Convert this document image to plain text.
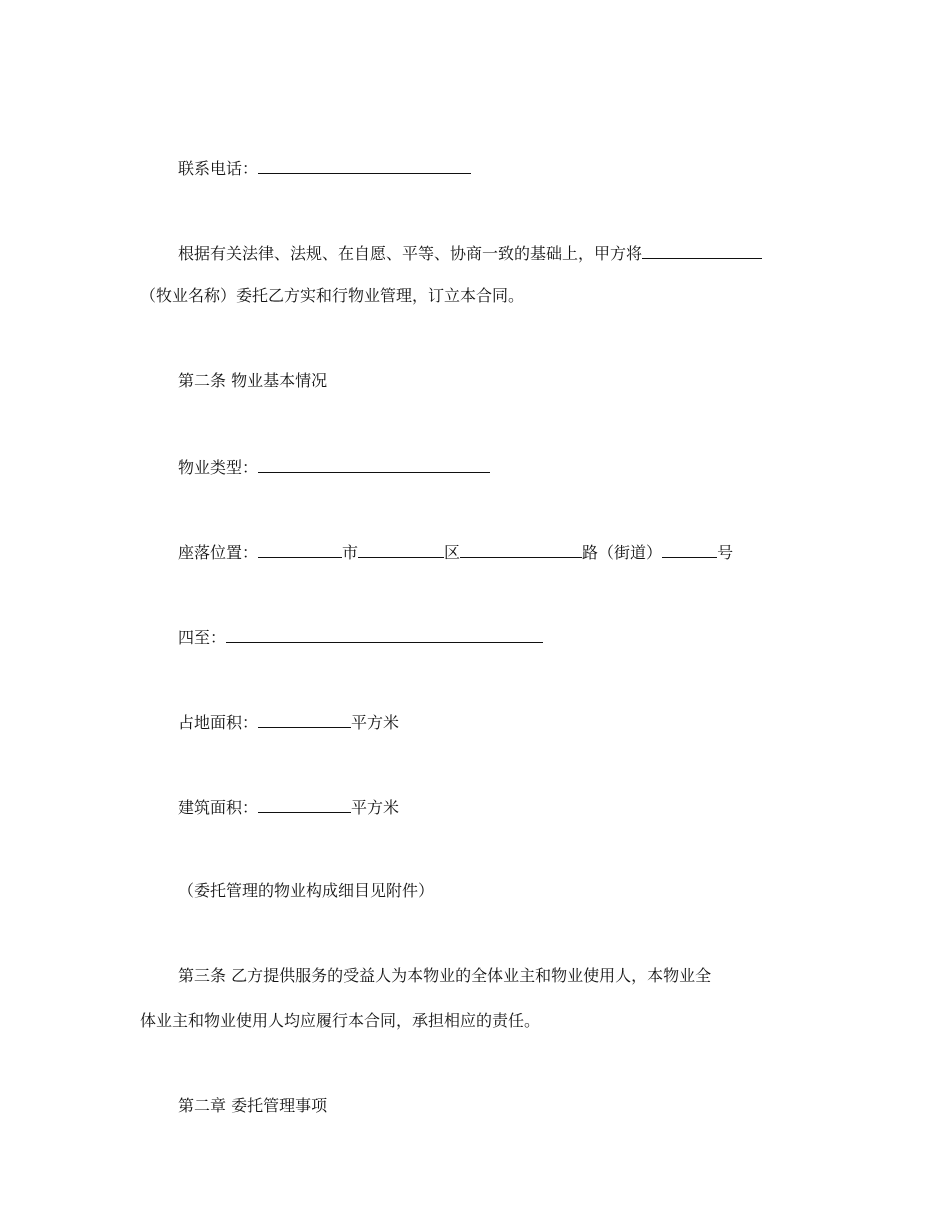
联系电话：
根据有关法律、法规、在自愿、平等、协商一致的基础上，甲方将
（牧业名称）委托乙方实和行物业管理，订立本合同。
第二条 物业基本情况
物业类型：
座落位置：	市	区	路（街道）	号
四至：
占地面积：	平方米
建筑面积：	平方米
（委托管理的物业构成细目见附件）
第三条 乙方提供服务的受益人为本物业的全体业主和物业使用人，本物业全
体业主和物业使用人均应履行本合同，承担相应的责任。
第二章 委托管理事项
